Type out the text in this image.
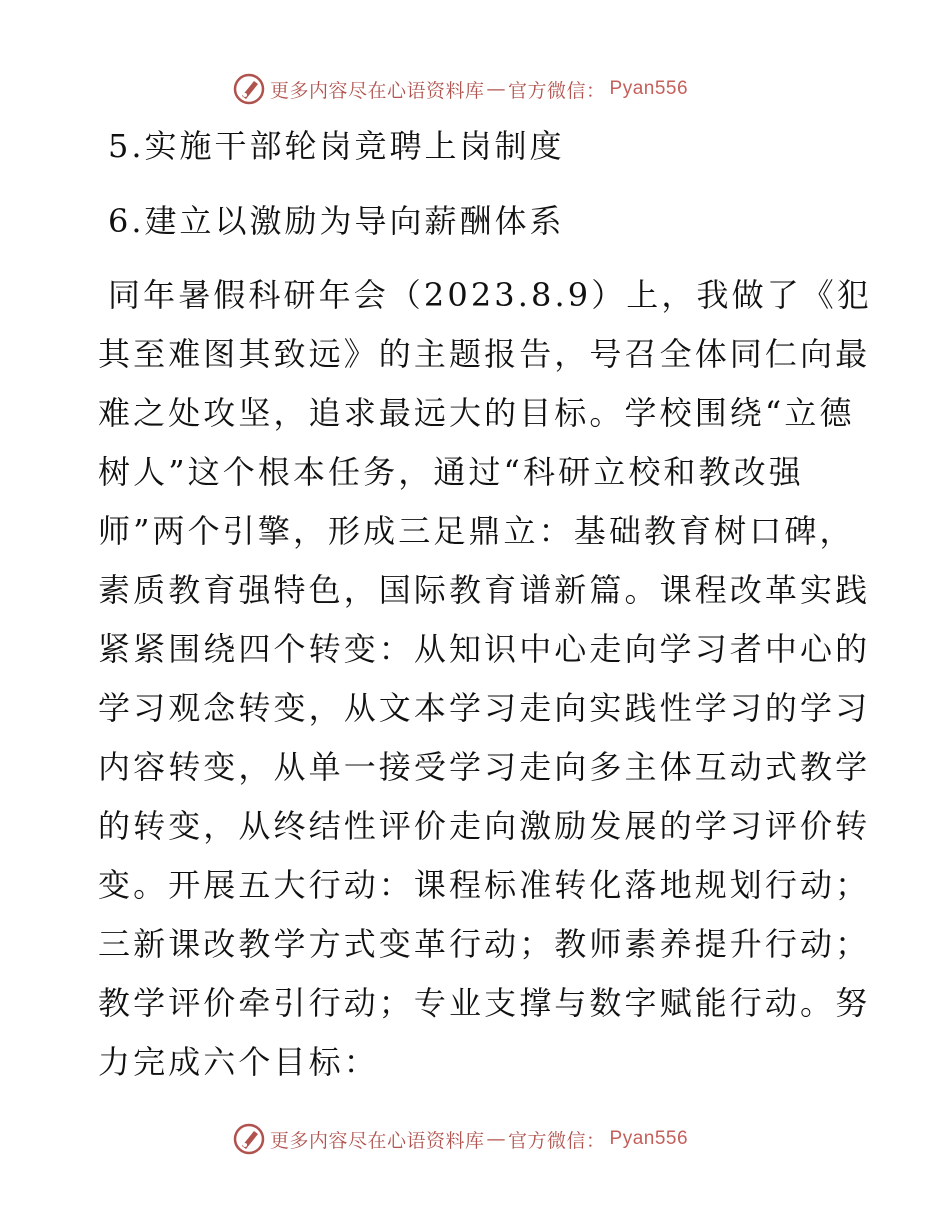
更多内容尽在心语资料库 — 官方微信： Pyan556
5.实施干部轮岗竞聘上岗制度
6.建立以激励为导向薪酬体系
同年暑假科研年会（2023.8.9）上，我做了《犯
其至难图其致远》的主题报告，号召全体同仁向最
难之处攻坚，追求最远大的目标。学校围绕“立德
树人”这个根本任务，通过“科研立校和教改强
师”两个引擎，形成三足鼎立：基础教育树口碑，
素质教育强特色，国际教育谱新篇。课程改革实践
紧紧围绕四个转变：从知识中心走向学习者中心的
学习观念转变，从文本学习走向实践性学习的学习
内容转变，从单一接受学习走向多主体互动式教学
的转变，从终结性评价走向激励发展的学习评价转
变。开展五大行动：课程标准转化落地规划行动；
三新课改教学方式变革行动；教师素养提升行动；
教学评价牵引行动；专业支撑与数字赋能行动。努
力完成六个目标：
更多内容尽在心语资料库 — 官方微信： Pyan556
